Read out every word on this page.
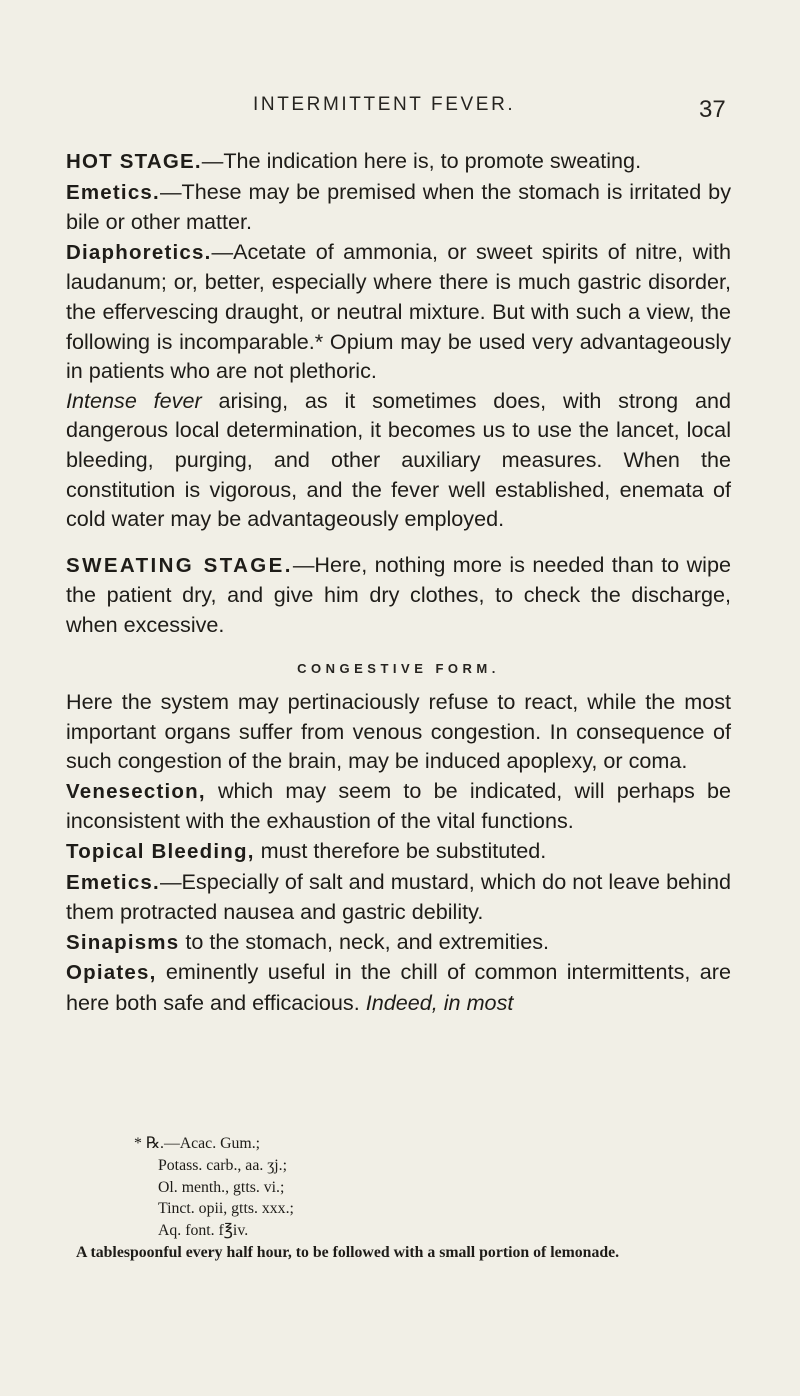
INTERMITTENT FEVER.	37

HOT STAGE.—The indication here is, to promote sweating.

Emetics.—These may be premised when the stomach is irritated by bile or other matter.

Diaphoretics.—Acetate of ammonia, or sweet spirits of nitre, with laudanum; or, better, especially where there is much gastric disorder, the effervescing draught, or neutral mixture. But with such a view, the following is incomparable.* Opium may be used very advantageously in patients who are not plethoric.

Intense fever arising, as it sometimes does, with strong and dangerous local determination, it becomes us to use the lancet, local bleeding, purging, and other auxiliary measures. When the constitution is vigorous, and the fever well established, enemata of cold water may be advantageously employed.

SWEATING STAGE.—Here, nothing more is needed than to wipe the patient dry, and give him dry clothes, to check the discharge, when excessive.

CONGESTIVE FORM.

Here the system may pertinaciously refuse to react, while the most important organs suffer from venous congestion. In consequence of such congestion of the brain, may be induced apoplexy, or coma.

Venesection, which may seem to be indicated, will perhaps be inconsistent with the exhaustion of the vital functions.

Topical Bleeding, must therefore be substituted.

Emetics.—Especially of salt and mustard, which do not leave behind them protracted nausea and gastric debility.

Sinapisms to the stomach, neck, and extremities.

Opiates, eminently useful in the chill of common intermittents, are here both safe and efficacious. Indeed, in most

* ℞.—Acac. Gum.;

Potass. carb., aa. ʒj.;

Ol. menth., gtts. vi.;

Tinct. opii, gtts. xxx.;

Aq. font. f℥iv.

A tablespoonful every half hour, to be followed with a small portion of lemonade.
